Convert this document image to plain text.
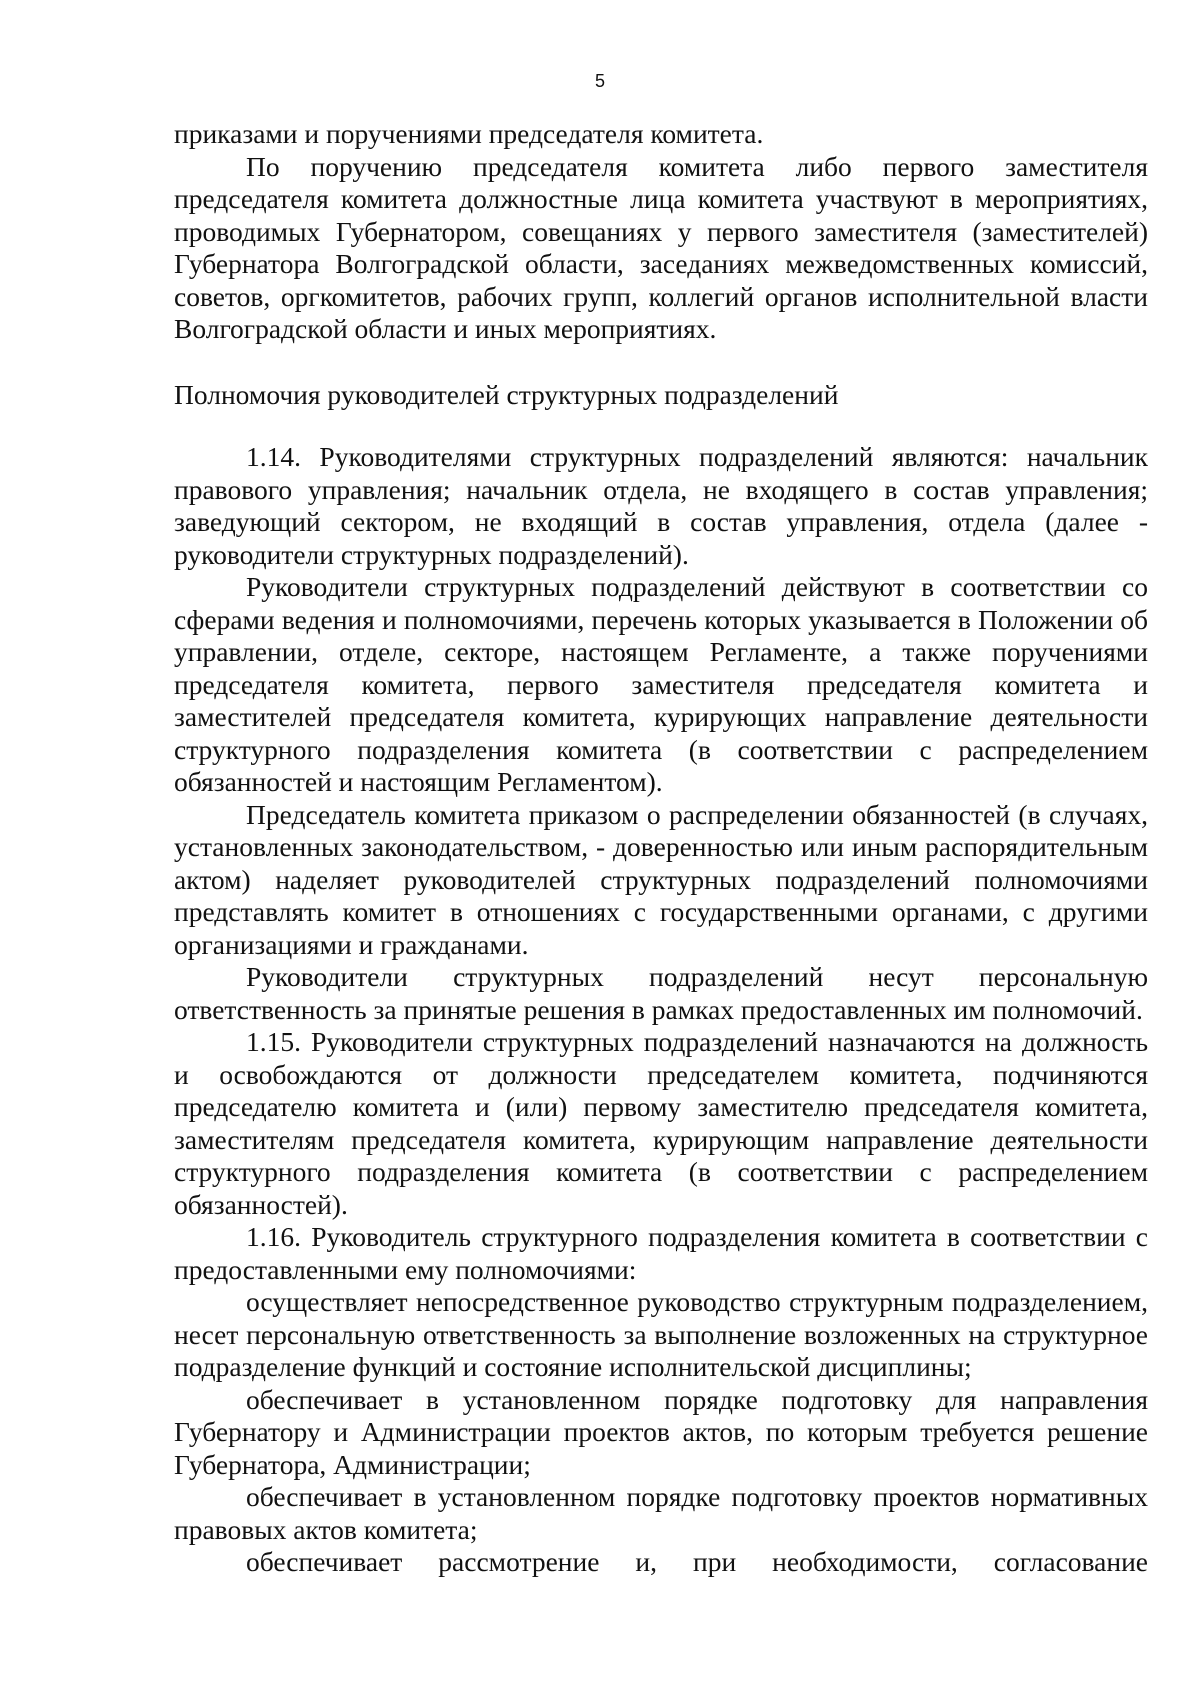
5

приказами и поручениями председателя комитета.

По поручению председателя комитета либо первого заместителя председателя комитета должностные лица комитета участвуют в мероприятиях, проводимых Губернатором, совещаниях у первого заместителя (заместителей) Губернатора Волгоградской области, заседаниях межведомственных комиссий, советов, оргкомитетов, рабочих групп, коллегий органов исполнительной власти Волгоградской области и иных мероприятиях.

Полномочия руководителей структурных подразделений

1.14. Руководителями структурных подразделений являются: начальник правового управления; начальник отдела, не входящего в состав управления; заведующий сектором, не входящий в состав управления, отдела (далее - руководители структурных подразделений).

Руководители структурных подразделений действуют в соответствии со сферами ведения и полномочиями, перечень которых указывается в Положении об управлении, отделе, секторе, настоящем Регламенте, а также поручениями председателя комитета, первого заместителя председателя комитета и заместителей председателя комитета, курирующих направление деятельности структурного подразделения комитета (в соответствии с распределением обязанностей и настоящим Регламентом).

Председатель комитета приказом о распределении обязанностей (в случаях, установленных законодательством, - доверенностью или иным распорядительным актом) наделяет руководителей структурных подразделений полномочиями представлять комитет в отношениях с государственными органами, с другими организациями и гражданами.

Руководители структурных подразделений несут персональную ответственность за принятые решения в рамках предоставленных им полномочий.

1.15. Руководители структурных подразделений назначаются на должность и освобождаются от должности председателем комитета, подчиняются председателю комитета и (или) первому заместителю председателя комитета, заместителям председателя комитета, курирующим направление деятельности структурного подразделения комитета (в соответствии с распределением обязанностей).

1.16. Руководитель структурного подразделения комитета в соответствии с предоставленными ему полномочиями:

осуществляет непосредственное руководство структурным подразделением, несет персональную ответственность за выполнение возложенных на структурное подразделение функций и состояние исполнительской дисциплины;

обеспечивает в установленном порядке подготовку для направления Губернатору и Администрации проектов актов, по которым требуется решение Губернатора, Администрации;

обеспечивает в установленном порядке подготовку проектов нормативных правовых актов комитета;

обеспечивает рассмотрение и, при необходимости, согласование
